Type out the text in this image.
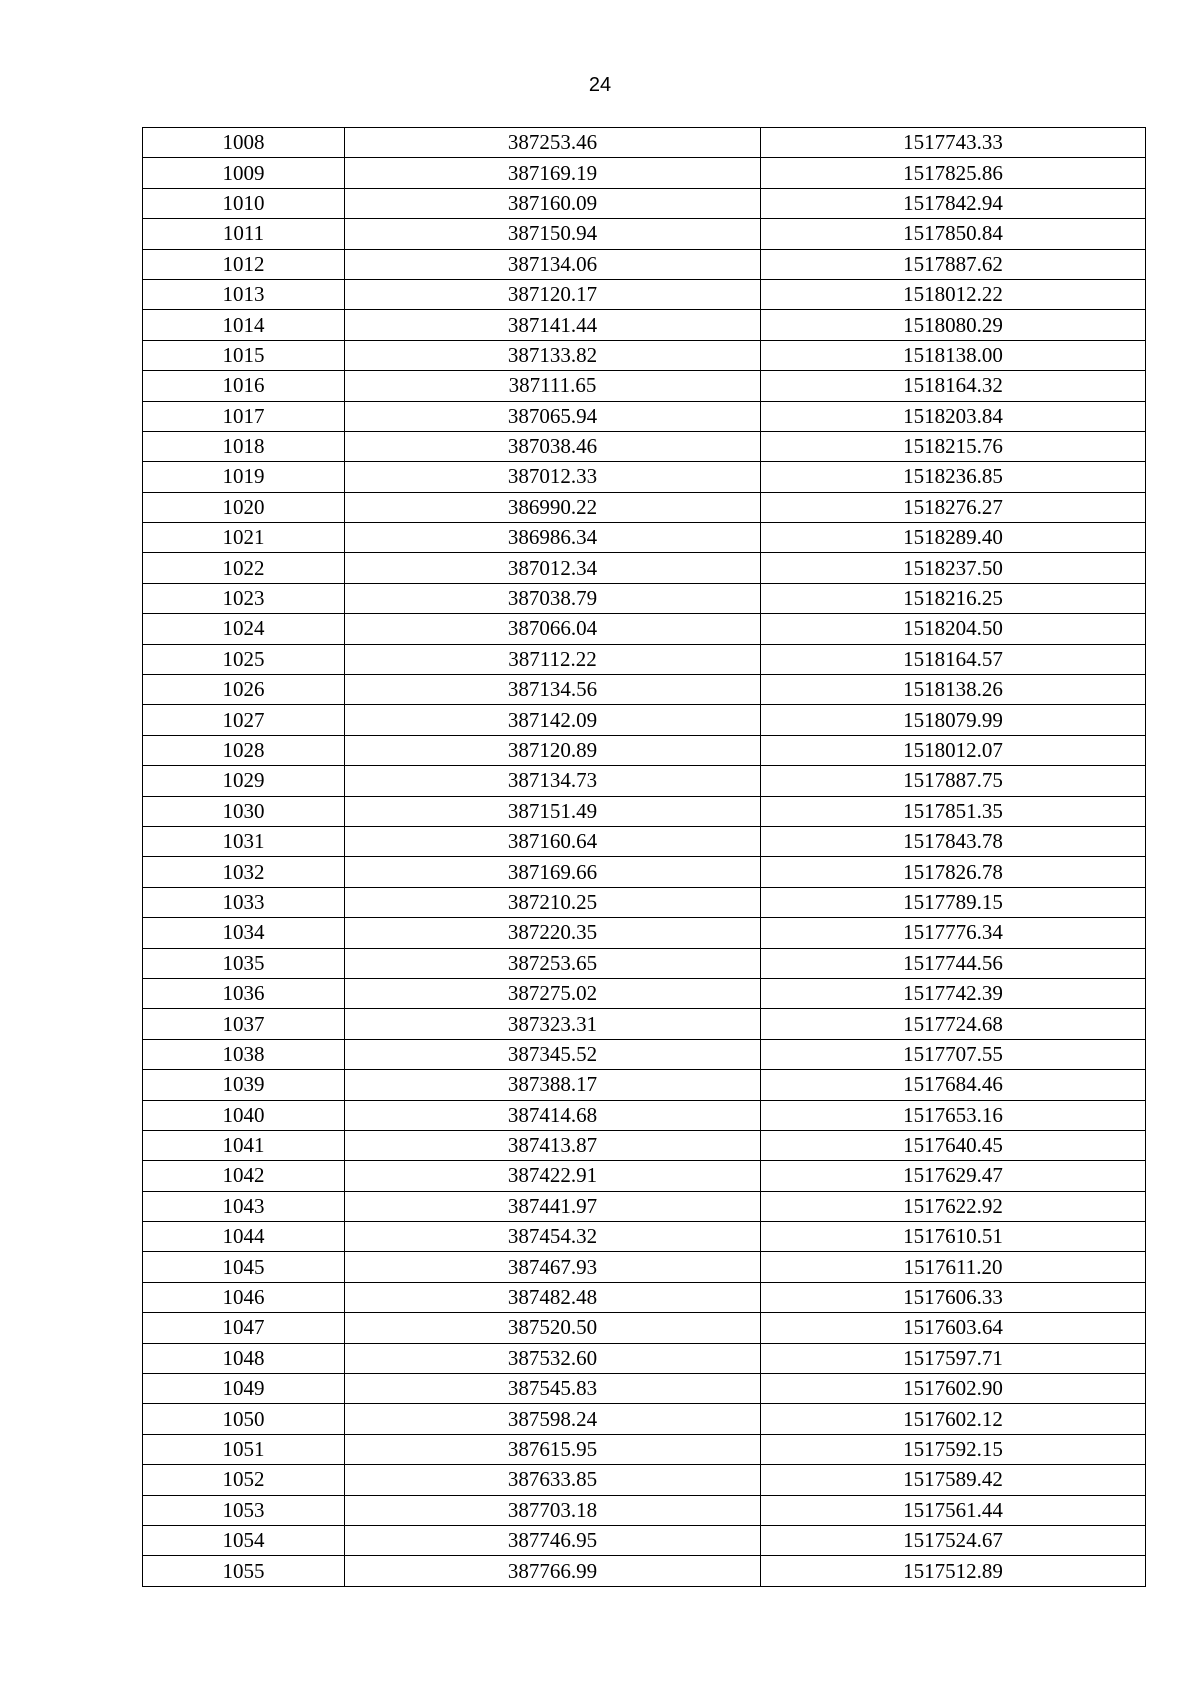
24
1008	387253.46	1517743.33
1009	387169.19	1517825.86
1010	387160.09	1517842.94
1011	387150.94	1517850.84
1012	387134.06	1517887.62
1013	387120.17	1518012.22
1014	387141.44	1518080.29
1015	387133.82	1518138.00
1016	387111.65	1518164.32
1017	387065.94	1518203.84
1018	387038.46	1518215.76
1019	387012.33	1518236.85
1020	386990.22	1518276.27
1021	386986.34	1518289.40
1022	387012.34	1518237.50
1023	387038.79	1518216.25
1024	387066.04	1518204.50
1025	387112.22	1518164.57
1026	387134.56	1518138.26
1027	387142.09	1518079.99
1028	387120.89	1518012.07
1029	387134.73	1517887.75
1030	387151.49	1517851.35
1031	387160.64	1517843.78
1032	387169.66	1517826.78
1033	387210.25	1517789.15
1034	387220.35	1517776.34
1035	387253.65	1517744.56
1036	387275.02	1517742.39
1037	387323.31	1517724.68
1038	387345.52	1517707.55
1039	387388.17	1517684.46
1040	387414.68	1517653.16
1041	387413.87	1517640.45
1042	387422.91	1517629.47
1043	387441.97	1517622.92
1044	387454.32	1517610.51
1045	387467.93	1517611.20
1046	387482.48	1517606.33
1047	387520.50	1517603.64
1048	387532.60	1517597.71
1049	387545.83	1517602.90
1050	387598.24	1517602.12
1051	387615.95	1517592.15
1052	387633.85	1517589.42
1053	387703.18	1517561.44
1054	387746.95	1517524.67
1055	387766.99	1517512.89
